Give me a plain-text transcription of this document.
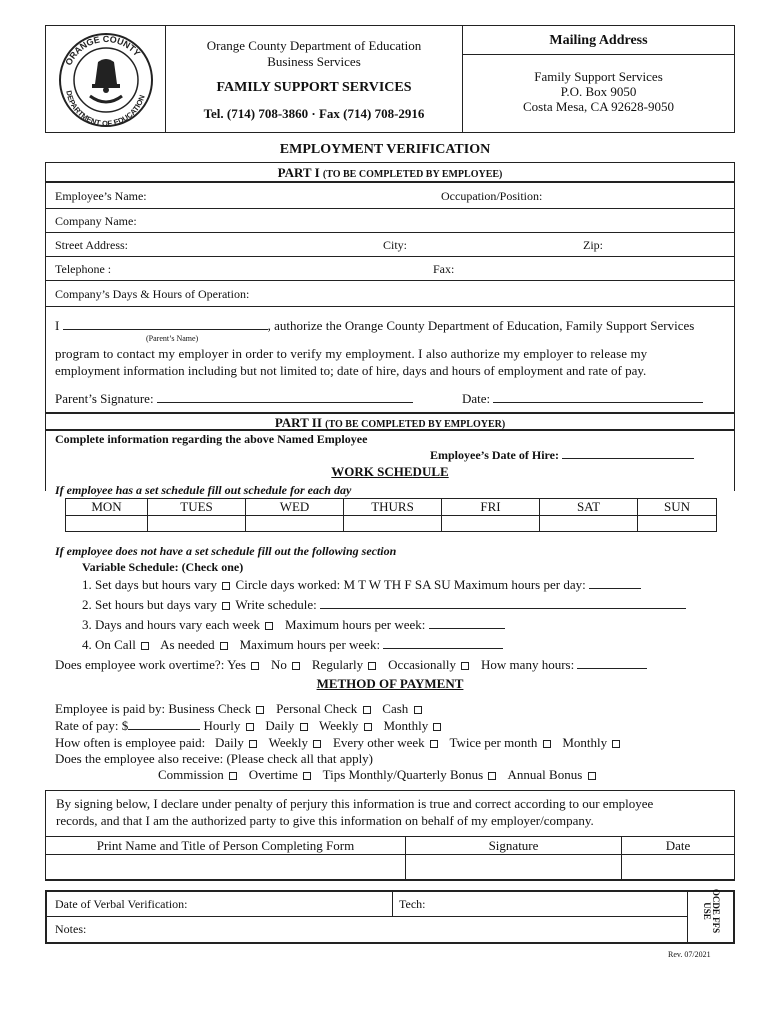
ORANGE COUNTY
DEPARTMENT OF EDUCATION
Orange County Department of Education
Business Services
FAMILY SUPPORT SERVICES
Tel. (714) 708-3860 · Fax (714) 708-2916
Mailing Address
Family Support Services
P.O. Box 9050
Costa Mesa, CA 92628-9050
EMPLOYMENT VERIFICATION
PART I (TO BE COMPLETED BY EMPLOYEE)
Employee’s Name:	Occupation/Position:
Company Name:
Street Address:	City:	Zip:
Telephone :	Fax:
Company’s Days & Hours of Operation:
I	, authorize the Orange County Department of Education, Family Support Services
(Parent’s Name)
program to contact my employer in order to verify my employment. I also authorize my employer to release my
employment information including but not limited to; date of hire, days and hours of employment and rate of pay.
Parent’s Signature:	Date:
PART II (TO BE COMPLETED BY EMPLOYER)
Complete information regarding the above Named Employee
Employee’s Date of Hire:
WORK SCHEDULE
If employee has a set schedule fill out schedule for each day
MON	TUES	WED	THURS	FRI	SAT	SUN

If employee does not have a set schedule fill out the following section
Variable Schedule: (Check one)
1. Set days but hours vary Circle days worked: M T W TH F SA SU Maximum hours per day:
2. Set hours but days vary Write schedule:
3. Days and hours vary each week Maximum hours per week:
4. On Call As needed Maximum hours per week:
Does employee work overtime?: Yes No Regularly Occasionally How many hours:
METHOD OF PAYMENT
Employee is paid by: Business Check Personal Check Cash
Rate of pay: $	Hourly Daily Weekly Monthly
How often is employee paid: Daily Weekly Every other week Twice per month Monthly
Does the employee also receive: (Please check all that apply)
Commission Overtime Tips Monthly/Quarterly Bonus Annual Bonus
By signing below, I declare under penalty of perjury this information is true and correct according to our employee
records, and that I am the authorized party to give this information on behalf of my employer/company.
Print Name and Title of Person Completing Form	Signature	Date

Date of Verbal Verification:	Tech:
Notes:	OCDE FFS USE
Rev. 07/2021
